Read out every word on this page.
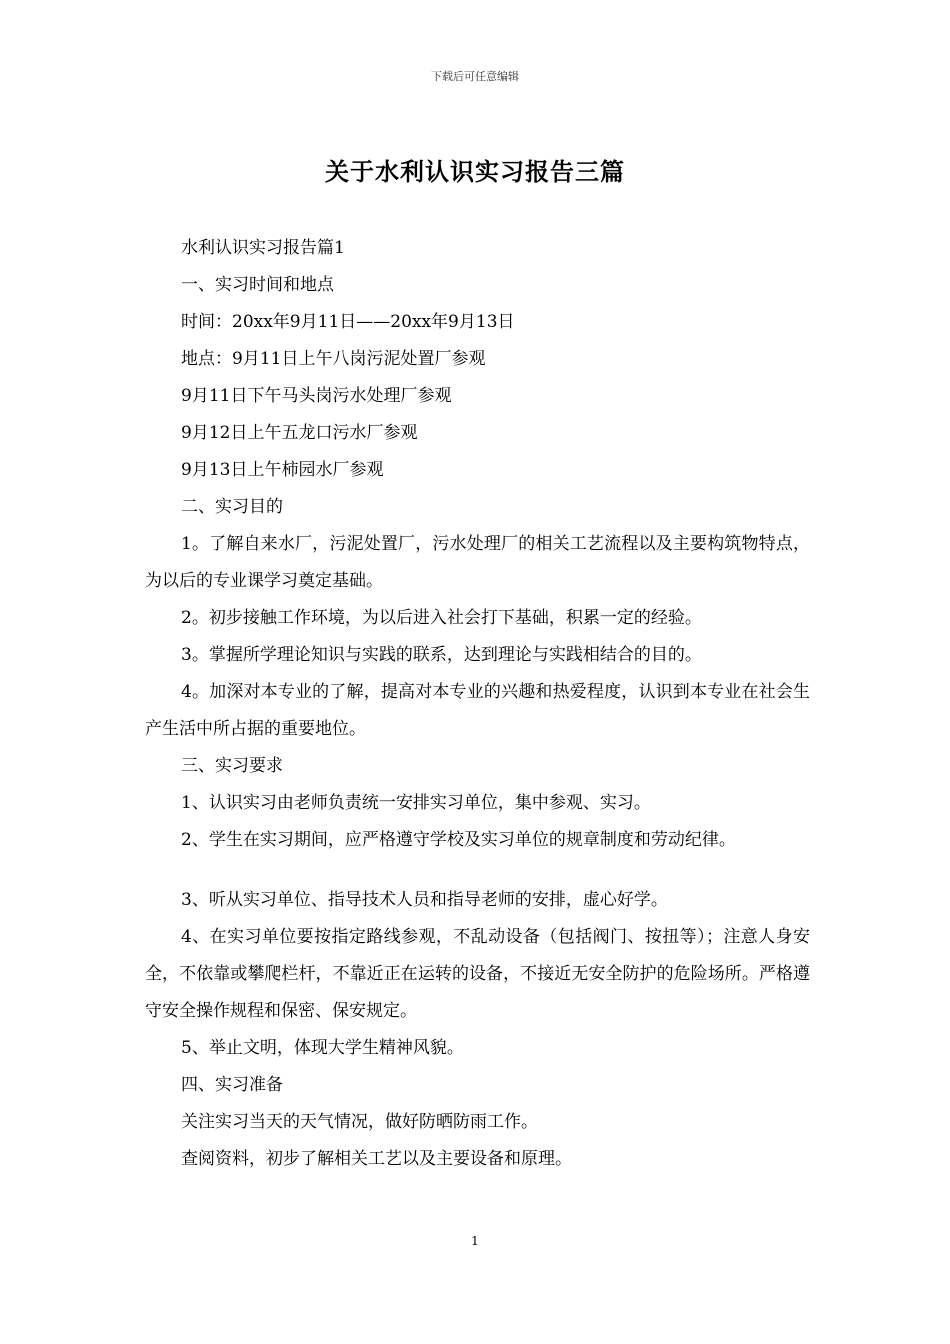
下载后可任意编辑
关于水利认识实习报告三篇

水利认识实习报告篇1

一、实习时间和地点

时间：20xx年9月11日——20xx年9月13日

地点：9月11日上午八岗污泥处置厂参观

9月11日下午马头岗污水处理厂参观

9月12日上午五龙口污水厂参观

9月13日上午柿园水厂参观

二、实习目的

1。了解自来水厂，污泥处置厂，污水处理厂的相关工艺流程以及主要构筑物特点，为以后的专业课学习奠定基础。

2。初步接触工作环境，为以后进入社会打下基础，积累一定的经验。

3。掌握所学理论知识与实践的联系，达到理论与实践相结合的目的。

4。加深对本专业的了解，提高对本专业的兴趣和热爱程度，认识到本专业在社会生产生活中所占据的重要地位。

三、实习要求

1、认识实习由老师负责统一安排实习单位，集中参观、实习。

2、学生在实习期间，应严格遵守学校及实习单位的规章制度和劳动纪律。

3、听从实习单位、指导技术人员和指导老师的安排，虚心好学。

4、在实习单位要按指定路线参观，不乱动设备（包括阀门、按扭等）；注意人身安全，不依靠或攀爬栏杆，不靠近正在运转的设备，不接近无安全防护的危险场所。严格遵守安全操作规程和保密、保安规定。

5、举止文明，体现大学生精神风貌。

四、实习准备

关注实习当天的天气情况，做好防晒防雨工作。

查阅资料，初步了解相关工艺以及主要设备和原理。

1
